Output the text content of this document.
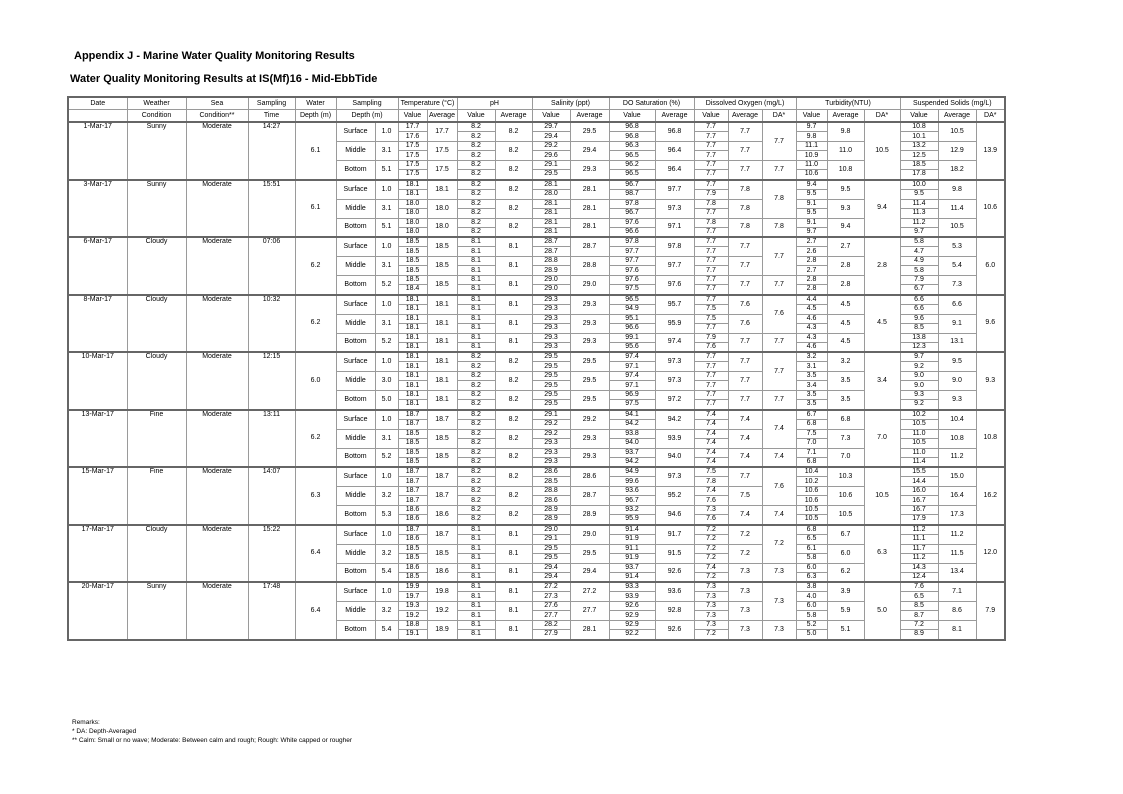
Appendix J - Marine Water Quality Monitoring Results
Water Quality Monitoring Results at IS(Mf)16 - Mid-EbbTide
Date	Weather	Sea	Sampling	Water	Sampling		Temperature (°C)		pH		Salinity (ppt)		DO Saturation (%)		Dissolved Oxygen (mg/L)			Turbidity(NTU)			Suspended Solids (mg/L)		
	Condition	Condition**	Time	Depth (m)	Depth (m)		Value	Average	Value	Average	Value	Average	Value	Average	Value	Average	DA*	Value	Average	DA*	Value	Average	DA*
1-Mar-17	Sunny	Moderate	14:27	6.1	Surface	1.0	17.7	17.7	8.2	8.2	29.7	29.5	96.8	96.8	7.7	7.7	7.7	9.7	9.8	10.5	10.8	10.5	13.9
							17.6		8.2		29.4		96.8		7.7			9.8			10.1		
					Middle	3.1	17.5	17.5	8.2	8.2	29.2	29.4	96.3	96.4	7.7	7.7		11.1	11.0		13.2	12.9	
							17.5		8.2		29.6		96.5		7.7			10.9			12.5		
					Bottom	5.1	17.5	17.5	8.2	8.2	29.1	29.3	96.2	96.4	7.7	7.7	7.7	11.0	10.8		18.5	18.2	
							17.5		8.2		29.5		96.5		7.7			10.6			17.8		
3-Mar-17	Sunny	Moderate	15:51	6.1	Surface	1.0	18.1	18.1	8.2	8.2	28.1	28.1	96.7	97.7	7.7	7.8	7.8	9.4	9.5	9.4	10.0	9.8	10.6
							18.1		8.2		28.0		98.7		7.9			9.5			9.5		
					Middle	3.1	18.0	18.0	8.2	8.2	28.1	28.1	97.8	97.3	7.8	7.8		9.1	9.3		11.4	11.4	
							18.0		8.2		28.1		96.7		7.7			9.5			11.3		
					Bottom	5.1	18.0	18.0	8.2	8.2	28.1	28.1	97.6	97.1	7.8	7.8	7.8	9.1	9.4		11.2	10.5	
							18.0		8.2		28.1		96.6		7.7			9.7			9.7		
6-Mar-17	Cloudy	Moderate	07:06	6.2	Surface	1.0	18.5	18.5	8.1	8.1	28.7	28.7	97.8	97.8	7.7	7.7	7.7	2.7	2.7	2.8	5.8	5.3	6.0
							18.5		8.1		28.7		97.7		7.7			2.6			4.7		
					Middle	3.1	18.5	18.5	8.1	8.1	28.8	28.8	97.7	97.7	7.7	7.7		2.8	2.8		4.9	5.4	
							18.5		8.1		28.9		97.6		7.7			2.7			5.8		
					Bottom	5.2	18.5	18.5	8.1	8.1	29.0	29.0	97.6	97.6	7.7	7.7	7.7	2.8	2.8		7.9	7.3	
							18.4		8.1		29.0		97.5		7.7			2.8			6.7		
8-Mar-17	Cloudy	Moderate	10:32	6.2	Surface	1.0	18.1	18.1	8.1	8.1	29.3	29.3	96.5	95.7	7.7	7.6	7.6	4.4	4.5	4.5	6.6	6.6	9.6
							18.1		8.1		29.3		94.9		7.5			4.5			6.6		
					Middle	3.1	18.1	18.1	8.1	8.1	29.3	29.3	95.1	95.9	7.5	7.6		4.6	4.5		9.6	9.1	
							18.1		8.1		29.3		96.6		7.7			4.3			8.5		
					Bottom	5.2	18.1	18.1	8.1	8.1	29.3	29.3	99.1	97.4	7.9	7.7	7.7	4.3	4.5		13.8	13.1	
							18.1		8.1		29.3		95.6		7.6			4.6			12.3		
10-Mar-17	Cloudy	Moderate	12:15	6.0	Surface	1.0	18.1	18.1	8.2	8.2	29.5	29.5	97.4	97.3	7.7	7.7	7.7	3.2	3.2	3.4	9.7	9.5	9.3
							18.1		8.2		29.5		97.1		7.7			3.1			9.2		
					Middle	3.0	18.1	18.1	8.2	8.2	29.5	29.5	97.4	97.3	7.7	7.7		3.5	3.5		9.0	9.0	
							18.1		8.2		29.5		97.1		7.7			3.4			9.0		
					Bottom	5.0	18.1	18.1	8.2	8.2	29.5	29.5	96.9	97.2	7.7	7.7	7.7	3.5	3.5		9.3	9.3	
							18.1		8.2		29.5		97.5		7.7			3.5			9.2		
13-Mar-17	Fine	Moderate	13:11	6.2	Surface	1.0	18.7	18.7	8.2	8.2	29.1	29.2	94.1	94.2	7.4	7.4	7.4	6.7	6.8	7.0	10.2	10.4	10.8
							18.7		8.2		29.2		94.2		7.4			6.8			10.5		
					Middle	3.1	18.5	18.5	8.2	8.2	29.2	29.3	93.8	93.9	7.4	7.4		7.5	7.3		11.0	10.8	
							18.5		8.2		29.3		94.0		7.4			7.0			10.5		
					Bottom	5.2	18.5	18.5	8.2	8.2	29.3	29.3	93.7	94.0	7.4	7.4	7.4	7.1	7.0		11.0	11.2	
							18.5		8.2		29.3		94.2		7.4			6.8			11.4		
15-Mar-17	Fine	Moderate	14:07	6.3	Surface	1.0	18.7	18.7	8.2	8.2	28.6	28.6	94.9	97.3	7.5	7.7	7.6	10.4	10.3	10.5	15.5	15.0	16.2
							18.7		8.2		28.5		99.6		7.8			10.2			14.4		
					Middle	3.2	18.7	18.7	8.2	8.2	28.8	28.7	93.6	95.2	7.4	7.5		10.6	10.6		16.0	16.4	
							18.7		8.2		28.6		96.7		7.6			10.6			16.7		
					Bottom	5.3	18.6	18.6	8.2	8.2	28.9	28.9	93.2	94.6	7.3	7.4	7.4	10.5	10.5		16.7	17.3	
							18.6		8.2		28.9		95.9		7.6			10.5			17.9		
17-Mar-17	Cloudy	Moderate	15:22	6.4	Surface	1.0	18.7	18.7	8.1	8.1	29.0	29.0	91.4	91.7	7.2	7.2	7.2	6.8	6.7	6.3	11.2	11.2	12.0
							18.6		8.1		29.1		91.9		7.2			6.5			11.1		
					Middle	3.2	18.5	18.5	8.1	8.1	29.5	29.5	91.1	91.5	7.2	7.2		6.1	6.0		11.7	11.5	
							18.5		8.1		29.5		91.9		7.2			5.8			11.2		
					Bottom	5.4	18.6	18.6	8.1	8.1	29.4	29.4	93.7	92.6	7.4	7.3	7.3	6.0	6.2		14.3	13.4	
							18.5		8.1		29.4		91.4		7.2			6.3			12.4		
20-Mar-17	Sunny	Moderate	17:48	6.4	Surface	1.0	19.9	19.8	8.1	8.1	27.2	27.2	93.3	93.6	7.3	7.3	7.3	3.8	3.9	5.0	7.6	7.1	7.9
							19.7		8.1		27.3		93.9		7.3			4.0			6.5		
					Middle	3.2	19.3	19.2	8.1	8.1	27.6	27.7	92.6	92.8	7.3	7.3		6.0	5.9		8.5	8.6	
							19.2		8.1		27.7		92.9		7.3			5.8			8.7		
					Bottom	5.4	18.8	18.9	8.1	8.1	28.2	28.1	92.9	92.6	7.3	7.3	7.3	5.2	5.1		7.2	8.1	
							19.1		8.1		27.9		92.2		7.2			5.0			8.9		
Remarks:
* DA: Depth-Averaged
** Calm: Small or no wave; Moderate: Between calm and rough; Rough: White capped or rougher
